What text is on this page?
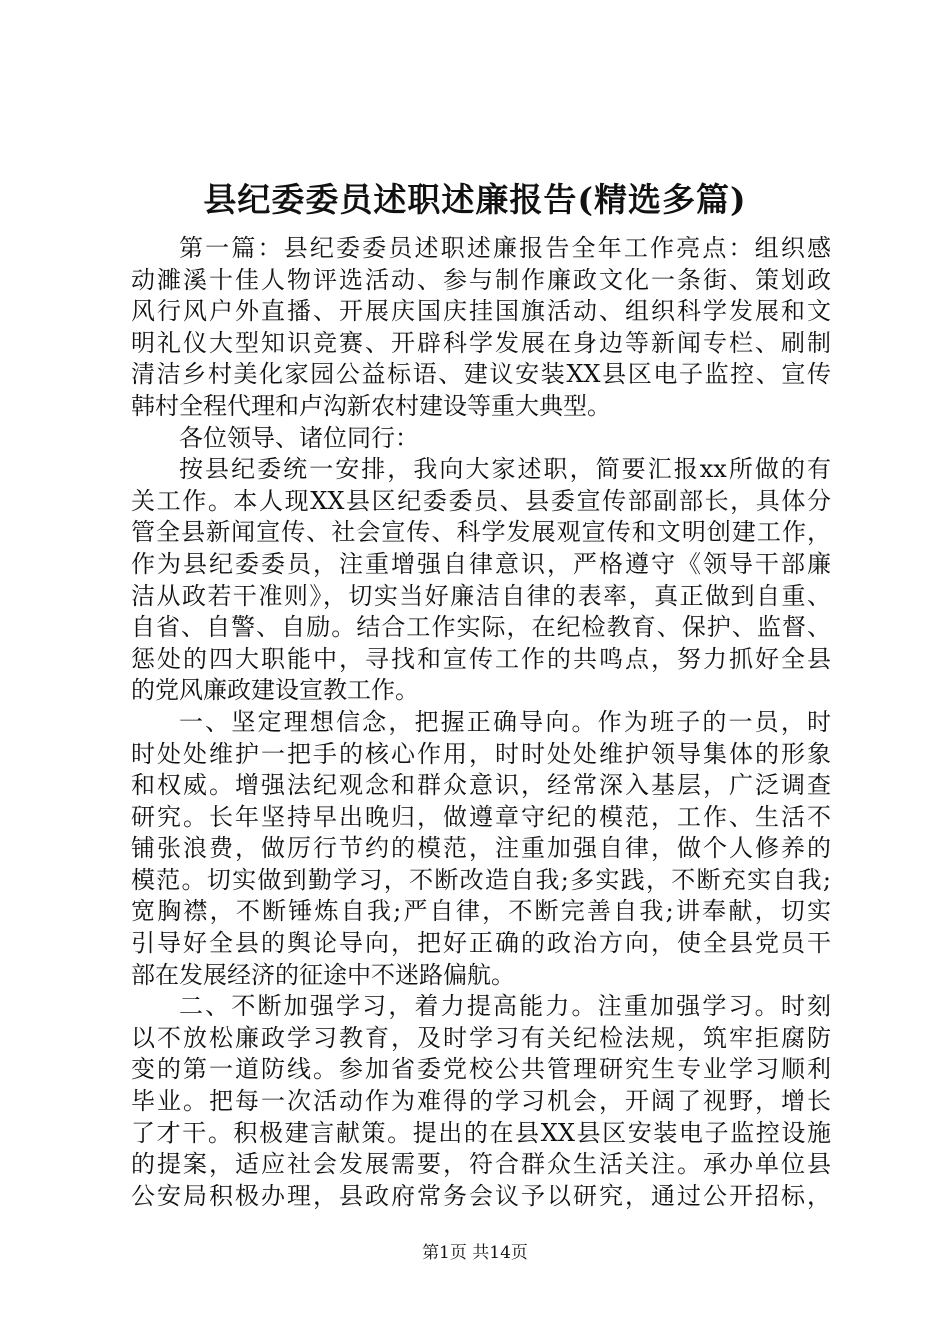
县纪委委员述职述廉报告(精选多篇)
第一篇：县纪委委员述职述廉报告全年工作亮点：组织感
动濉溪十佳人物评选活动、参与制作廉政文化一条街、策划政
风行风户外直播、开展庆国庆挂国旗活动、组织科学发展和文
明礼仪大型知识竞赛、开辟科学发展在身边等新闻专栏、刷制
清洁乡村美化家园公益标语、建议安装XX县区电子监控、宣传
韩村全程代理和卢沟新农村建设等重大典型。
各位领导、诸位同行：
按县纪委统一安排，我向大家述职，简要汇报xx所做的有
关工作。本人现XX县区纪委委员、县委宣传部副部长，具体分
管全县新闻宣传、社会宣传、科学发展观宣传和文明创建工作，
作为县纪委委员，注重增强自律意识，严格遵守《领导干部廉
洁从政若干准则》，切实当好廉洁自律的表率，真正做到自重、
自省、自警、自励。结合工作实际，在纪检教育、保护、监督、
惩处的四大职能中，寻找和宣传工作的共鸣点，努力抓好全县
的党风廉政建设宣教工作。
一、坚定理想信念，把握正确导向。作为班子的一员，时
时处处维护一把手的核心作用，时时处处维护领导集体的形象
和权威。增强法纪观念和群众意识，经常深入基层，广泛调查
研究。长年坚持早出晚归，做遵章守纪的模范，工作、生活不
铺张浪费，做厉行节约的模范，注重加强自律，做个人修养的
模范。切实做到勤学习，不断改造自我;多实践，不断充实自我;
宽胸襟，不断锤炼自我;严自律，不断完善自我;讲奉献，切实
引导好全县的舆论导向，把好正确的政治方向，使全县党员干
部在发展经济的征途中不迷路偏航。
二、不断加强学习，着力提高能力。注重加强学习。时刻
以不放松廉政学习教育，及时学习有关纪检法规，筑牢拒腐防
变的第一道防线。参加省委党校公共管理研究生专业学习顺利
毕业。把每一次活动作为难得的学习机会，开阔了视野，增长
了才干。积极建言献策。提出的在县XX县区安装电子监控设施
的提案，适应社会发展需要，符合群众生活关注。承办单位县
公安局积极办理，县政府常务会议予以研究，通过公开招标，
第1页 共14页
